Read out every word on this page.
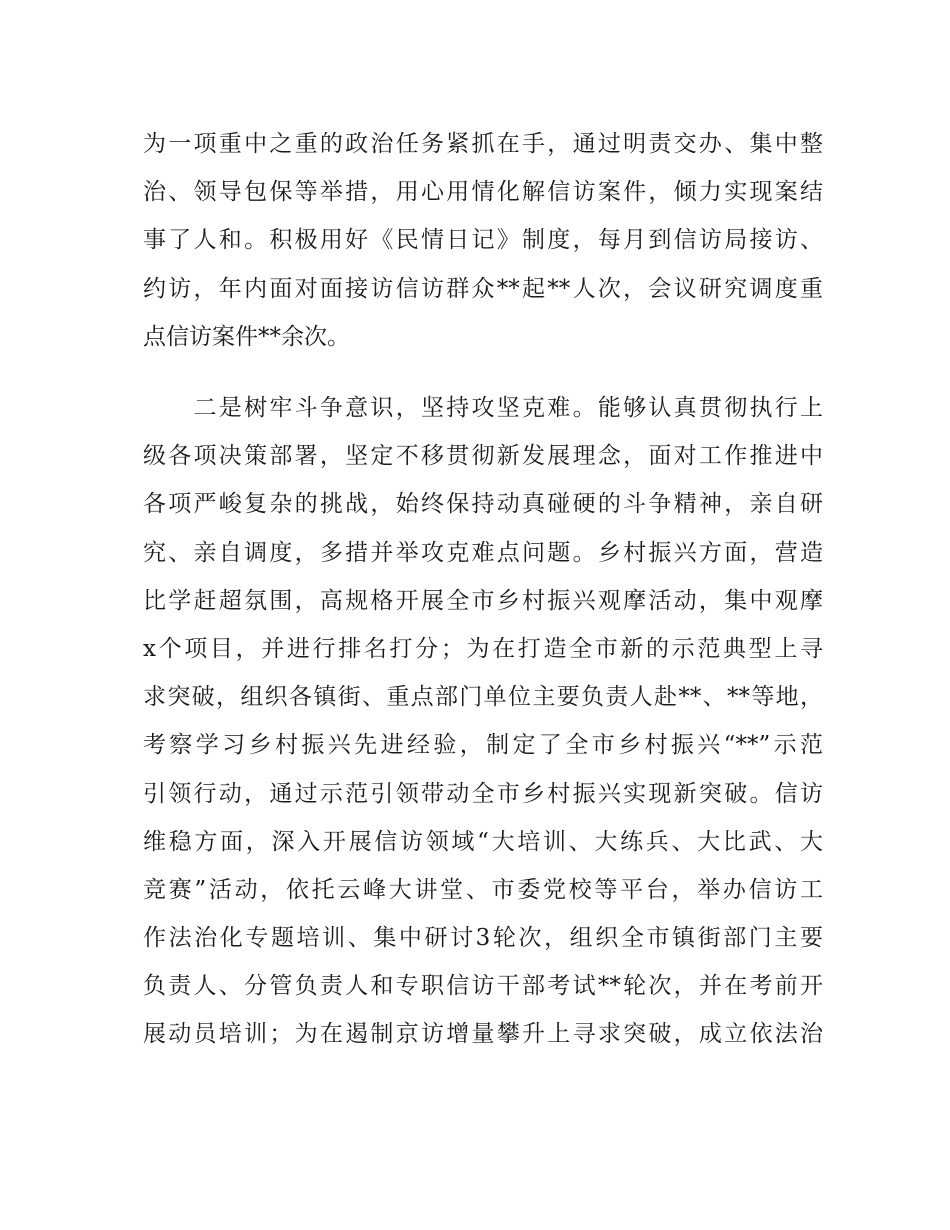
为一项重中之重的政治任务紧抓在手，通过明责交办、集中整
治、领导包保等举措，用心用情化解信访案件，倾力实现案结
事了人和。积极用好《民情日记》制度，每月到信访局接访、
约访，年内面对面接访信访群众**起**人次，会议研究调度重
点信访案件**余次。
　　二是树牢斗争意识，坚持攻坚克难。能够认真贯彻执行上
级各项决策部署，坚定不移贯彻新发展理念，面对工作推进中
各项严峻复杂的挑战，始终保持动真碰硬的斗争精神，亲自研
究、亲自调度，多措并举攻克难点问题。乡村振兴方面，营造
比学赶超氛围，高规格开展全市乡村振兴观摩活动，集中观摩
x个项目，并进行排名打分；为在打造全市新的示范典型上寻
求突破，组织各镇街、重点部门单位主要负责人赴**、**等地，
考察学习乡村振兴先进经验，制定了全市乡村振兴“**”示范
引领行动，通过示范引领带动全市乡村振兴实现新突破。信访
维稳方面，深入开展信访领域“大培训、大练兵、大比武、大
竞赛”活动，依托云峰大讲堂、市委党校等平台，举办信访工
作法治化专题培训、集中研讨3轮次，组织全市镇街部门主要
负责人、分管负责人和专职信访干部考试**轮次，并在考前开
展动员培训；为在遏制京访增量攀升上寻求突破，成立依法治
